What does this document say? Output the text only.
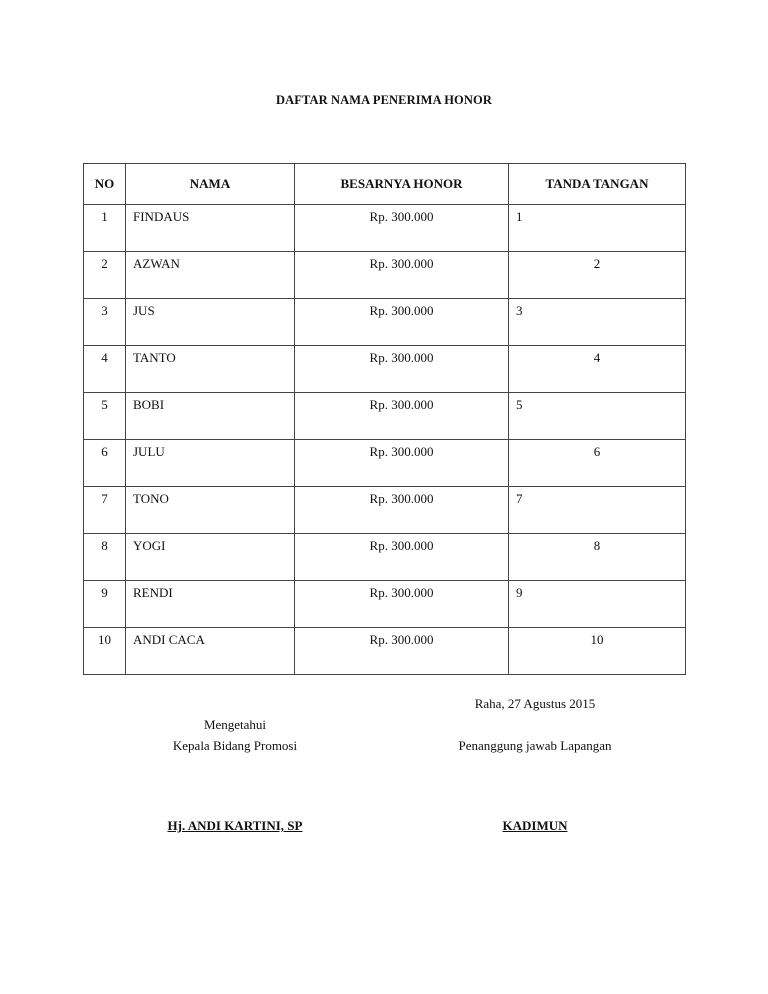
DAFTAR NAMA PENERIMA HONOR
NO	NAMA	BESARNYA HONOR	TANDA TANGAN
1	FINDAUS	Rp. 300.000	1
2	AZWAN	Rp. 300.000	2
3	JUS	Rp. 300.000	3
4	TANTO	Rp. 300.000	4
5	BOBI	Rp. 300.000	5
6	JULU	Rp. 300.000	6
7	TONO	Rp. 300.000	7
8	YOGI	Rp. 300.000	8
9	RENDI	Rp. 300.000	9
10	ANDI CACA	Rp. 300.000	10
Raha, 27 Agustus 2015
Penanggung jawab Lapangan
Mengetahui
Kepala Bidang Promosi
Hj. ANDI KARTINI, SP	KADIMUN
